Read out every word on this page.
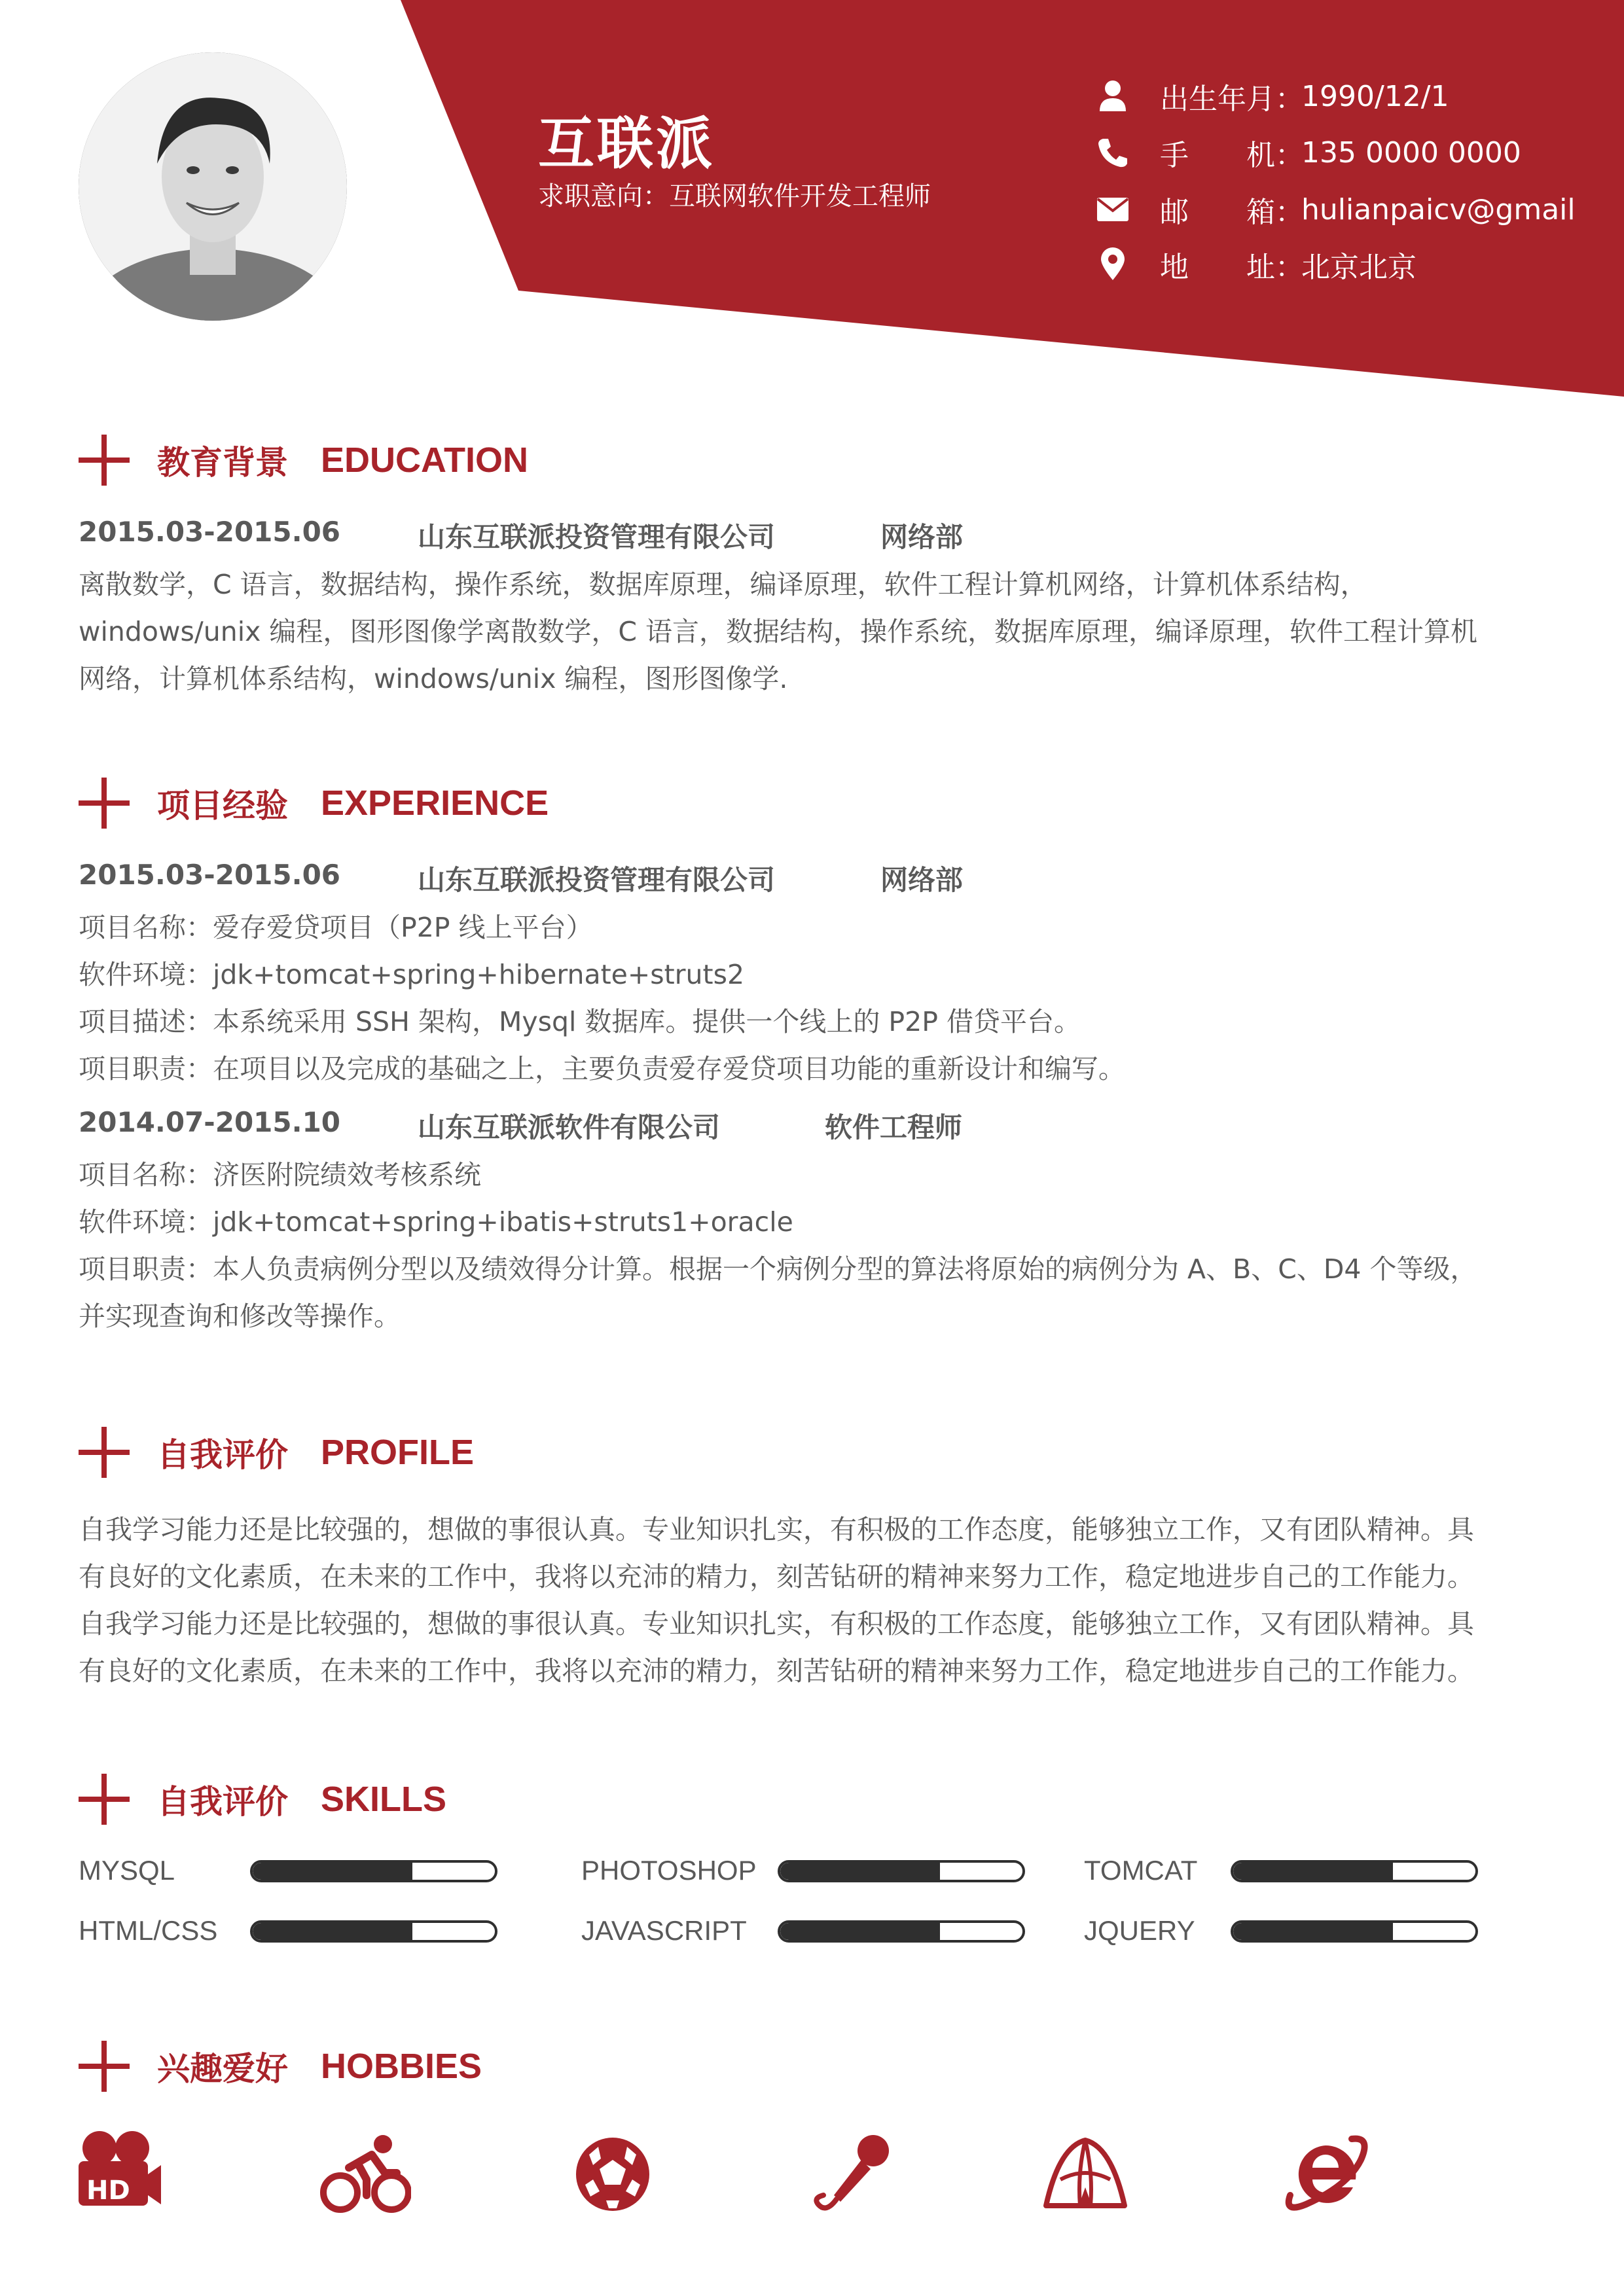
互联派
求职意向：互联网软件开发工程师
出生年月：
1990/12/1
手　　机：
135 0000 0000
邮　　箱：
hulianpaicv@gmail
地　　址：
北京北京
教育背景 EDUCATION
2015.03-2015.06	山东互联派投资管理有限公司	网络部
离散数学，C 语言，数据结构，操作系统，数据库原理，编译原理，软件工程计算机网络，计算机体系结构，
windows/unix 编程，图形图像学离散数学，C 语言，数据结构，操作系统，数据库原理，编译原理，软件工程计算机
网络，计算机体系结构，windows/unix 编程，图形图像学.
项目经验 EXPERIENCE
2015.03-2015.06	山东互联派投资管理有限公司	网络部
项目名称：爱存爱贷项目（P2P 线上平台）
软件环境：jdk+tomcat+spring+hibernate+struts2
项目描述：本系统采用 SSH 架构，Mysql 数据库。提供一个线上的 P2P 借贷平台。
项目职责：在项目以及完成的基础之上，主要负责爱存爱贷项目功能的重新设计和编写。
2014.07-2015.10	山东互联派软件有限公司	软件工程师
项目名称：济医附院绩效考核系统
软件环境：jdk+tomcat+spring+ibatis+struts1+oracle
项目职责：本人负责病例分型以及绩效得分计算。根据一个病例分型的算法将原始的病例分为 A、B、C、D4 个等级，
并实现查询和修改等操作。
自我评价 PROFILE
自我学习能力还是比较强的，想做的事很认真。专业知识扎实，有积极的工作态度，能够独立工作，又有团队精神。具
有良好的文化素质，在未来的工作中，我将以充沛的精力，刻苦钻研的精神来努力工作，稳定地进步自己的工作能力。
自我学习能力还是比较强的，想做的事很认真。专业知识扎实，有积极的工作态度，能够独立工作，又有团队精神。具
有良好的文化素质，在未来的工作中，我将以充沛的精力，刻苦钻研的精神来努力工作，稳定地进步自己的工作能力。
自我评价 SKILLS
MYSQL	PHOTOSHOP	TOMCAT
HTML/CSS	JAVASCRIPT	JQUERY
兴趣爱好 HOBBIES
HD
